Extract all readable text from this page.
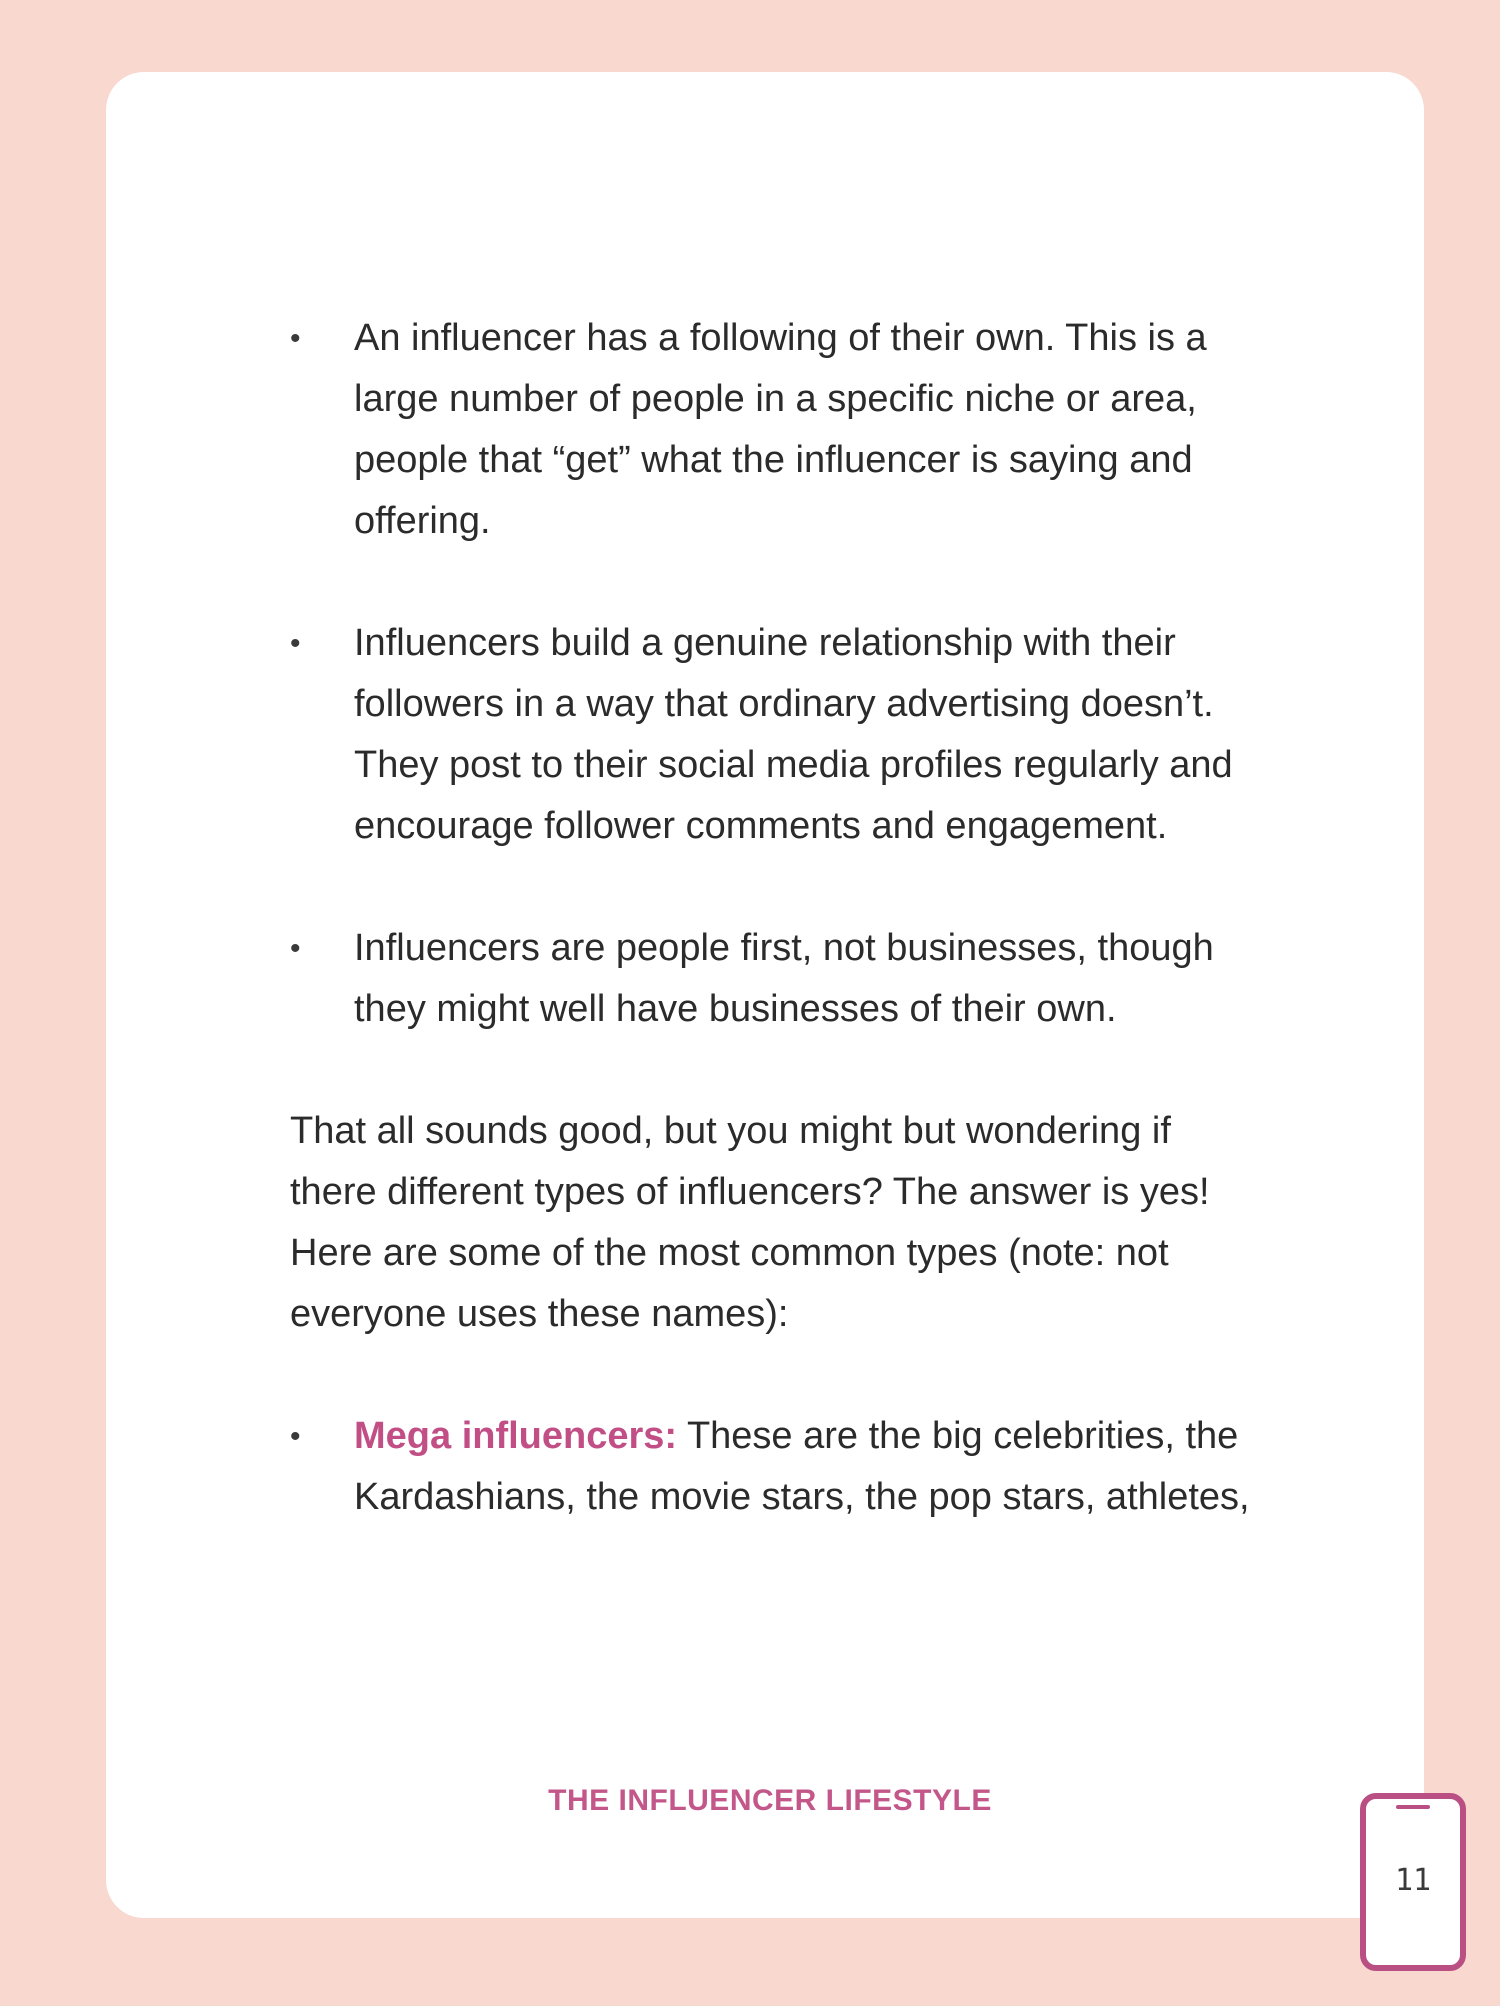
•	An influencer has a following of their own. This is a large number of people in a specific niche or area, people that “get” what the influencer is saying and offering.
•	Influencers build a genuine relationship with their followers in a way that ordinary advertising doesn’t. They post to their social media profiles regularly and encourage follower comments and engagement.
•	Influencers are people first, not businesses, though they might well have businesses of their own.

That all sounds good, but you might but wondering if there different types of influencers? The answer is yes! Here are some of the most common types (note: not everyone uses these names):

•	Mega influencers: These are the big celebrities, the Kardashians, the movie stars, the pop stars, athletes,
THE INFLUENCER LIFESTYLE
11
